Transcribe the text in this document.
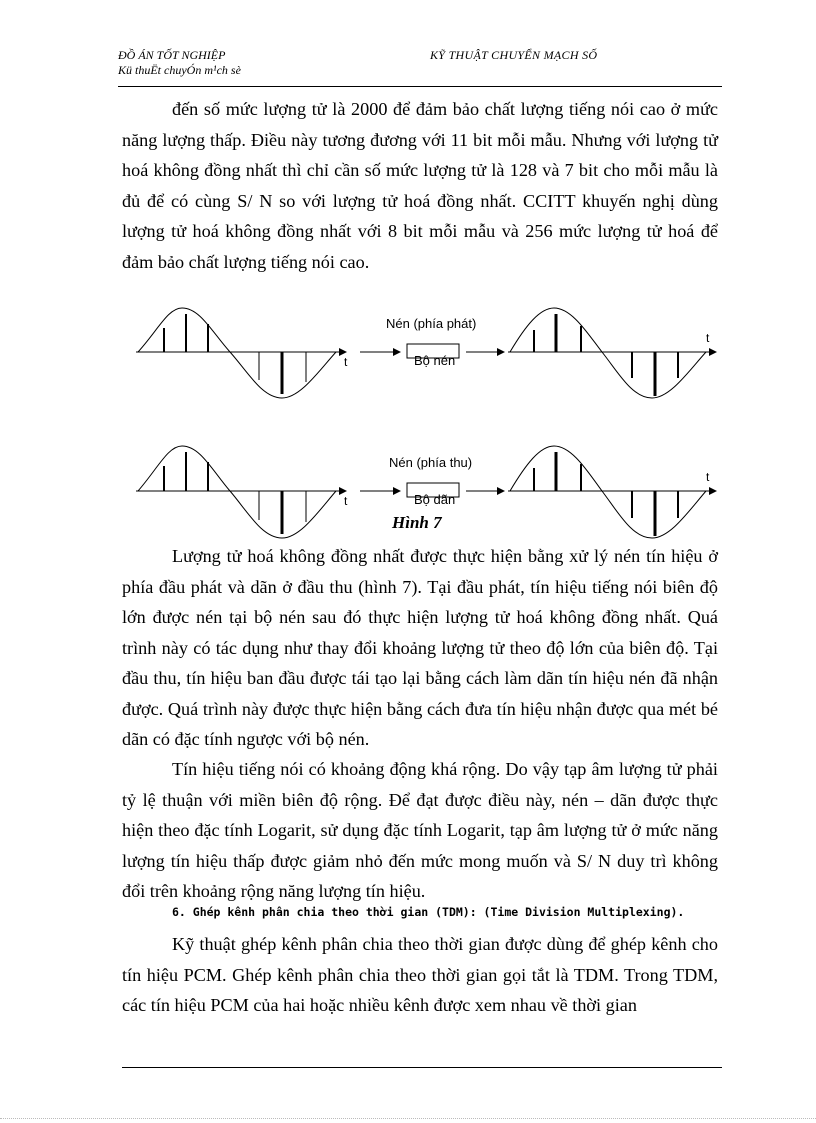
ĐỒ ÁN TỐT NGHIỆP
Kü thuËt chuyÓn m¹ch sè
KỸ THUẬT CHUYỂN MẠCH SỐ

đến số mức lượng tử là 2000 để đảm bảo chất lượng tiếng nói cao ở mức năng lượng thấp. Điều này tương đương với 11 bit mỗi mẫu. Nhưng với lượng tử hoá không đồng nhất thì chỉ cần số mức lượng tử là 128 và 7 bit cho mỗi mẫu là đủ để có cùng S/ N so với lượng tử hoá đồng nhất. CCITT khuyến nghị dùng lượng tử hoá không đồng nhất với 8 bit mỗi mẫu và 256 mức lượng tử hoá để đảm bảo chất lượng tiếng nói cao.

t
Nén (phía phát)
Bộ nén
t
t
Nén (phía thu)
Bộ dãn
t
Hình 7

Lượng tử hoá không đồng nhất được thực hiện bằng xử lý nén tín hiệu ở phía đầu phát và dãn ở đầu thu (hình 7). Tại đầu phát, tín hiệu tiếng nói biên độ lớn được nén tại bộ nén sau đó thực hiện lượng tử hoá không đồng nhất. Quá trình này có tác dụng như thay đổi khoảng lượng tử theo độ lớn của biên độ. Tại đầu thu, tín hiệu ban đầu được tái tạo lại bằng cách làm dãn tín hiệu nén đã nhận được. Quá trình này được thực hiện bằng cách đưa tín hiệu nhận được qua mét bé dãn có đặc tính ngược với bộ nén.

Tín hiệu tiếng nói có khoảng động khá rộng. Do vậy tạp âm lượng tử phải tỷ lệ thuận với miền biên độ rộng. Để đạt được điều này, nén – dãn được thực hiện theo đặc tính Logarit, sử dụng đặc tính Logarit, tạp âm lượng tử ở mức năng lượng tín hiệu thấp được giảm nhỏ đến mức mong muốn và S/ N duy trì không đổi trên khoảng rộng năng lượng tín hiệu.

6. Ghép kênh phân chia theo thời gian (TDM): (Time Division Multiplexing).

Kỹ thuật ghép kênh phân chia theo thời gian được dùng để ghép kênh cho tín hiệu PCM. Ghép kênh phân chia theo thời gian gọi tắt là TDM. Trong TDM, các tín hiệu PCM của hai hoặc nhiều kênh được xem nhau về thời gian
